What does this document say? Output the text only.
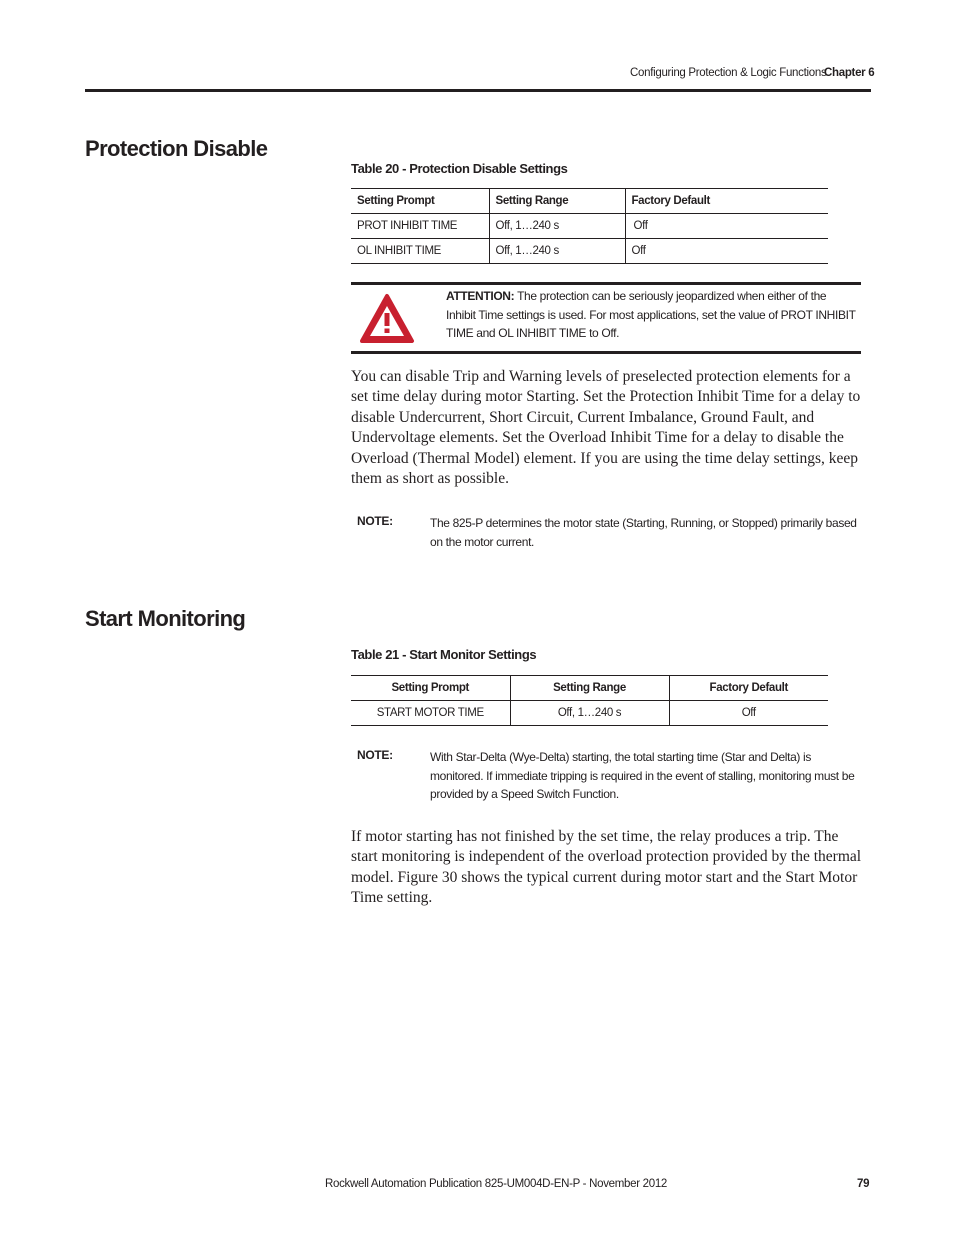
Configuring Protection & Logic Functions
Chapter 6
Protection Disable
Table 20 - Protection Disable Settings
Setting Prompt	Setting Range	Factory Default
PROT INHIBIT TIME	Off, 1…240 s	Off
OL INHIBIT TIME	Off, 1…240 s	Off
ATTENTION: The protection can be seriously jeopardized when either of the Inhibit Time settings is used. For most applications, set the value of PROT INHIBIT TIME and OL INHIBIT TIME to Off.
You can disable Trip and Warning levels of preselected protection elements for a set time delay during motor Starting. Set the Protection Inhibit Time for a delay to disable Undercurrent, Short Circuit, Current Imbalance, Ground Fault, and Undervoltage elements. Set the Overload Inhibit Time for a delay to disable the Overload (Thermal Model) element. If you are using the time delay settings, keep them as short as possible.
NOTE:	The 825-P determines the motor state (Starting, Running, or Stopped) primarily based on the motor current.
Start Monitoring
Table 21 - Start Monitor Settings
Setting Prompt	Setting Range	Factory Default
START MOTOR TIME	Off, 1…240 s	Off
NOTE:	With Star-Delta (Wye-Delta) starting, the total starting time (Star and Delta) is monitored. If immediate tripping is required in the event of stalling, monitoring must be provided by a Speed Switch Function.
If motor starting has not finished by the set time, the relay produces a trip. The start monitoring is independent of the overload protection provided by the thermal model. Figure 30 shows the typical current during motor start and the Start Motor Time setting.
Rockwell Automation Publication 825-UM004D-EN-P - November 2012	79
